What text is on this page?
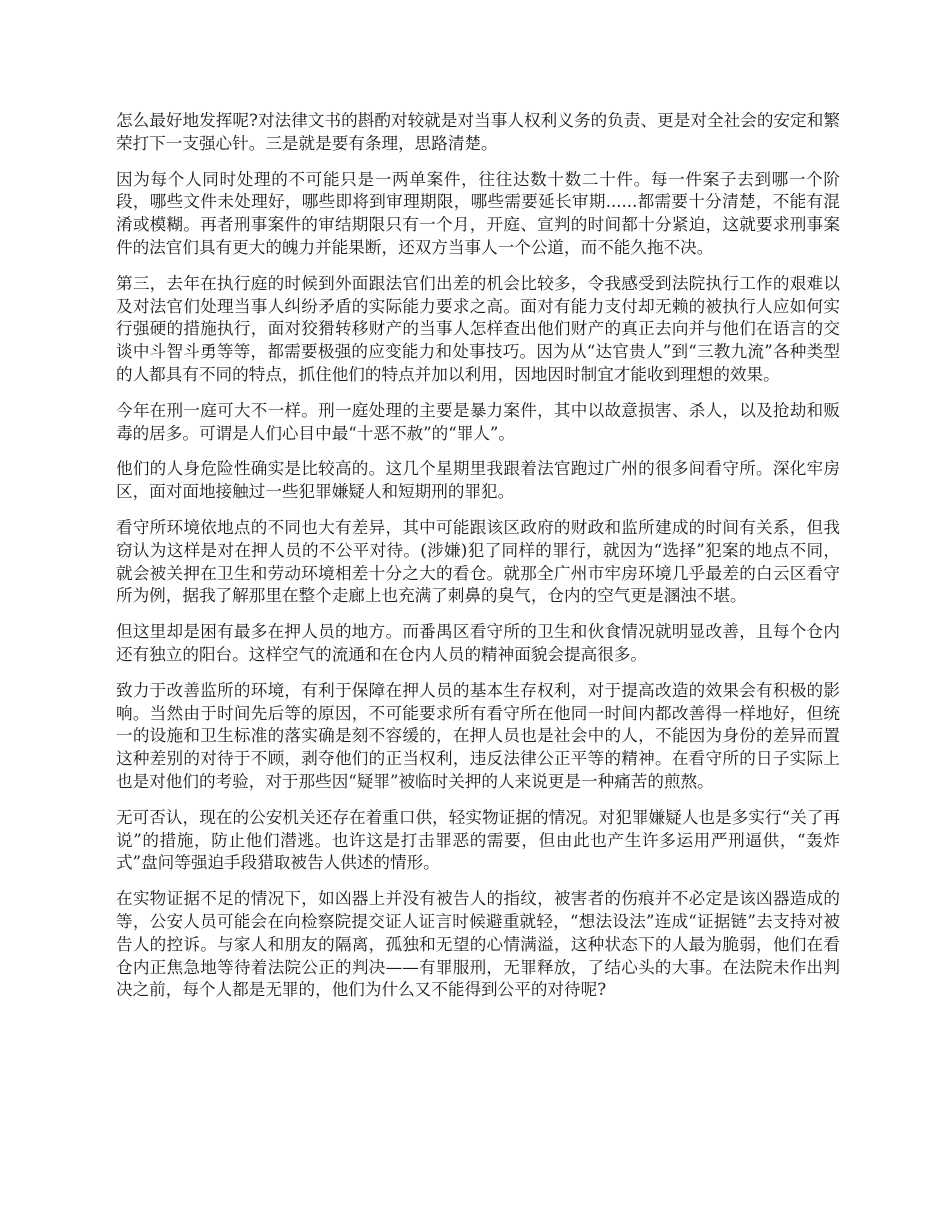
怎么最好地发挥呢?对法律文书的斟酌对较就是对当事人权利义务的负责、更是对全社会的安定和繁荣打下一支强心针。三是就是要有条理，思路清楚。

因为每个人同时处理的不可能只是一两单案件，往往达数十数二十件。每一件案子去到哪一个阶段，哪些文件未处理好，哪些即将到审理期限，哪些需要延长审期......都需要十分清楚，不能有混淆或模糊。再者刑事案件的审结期限只有一个月，开庭、宣判的时间都十分紧迫，这就要求刑事案件的法官们具有更大的魄力并能果断，还双方当事人一个公道，而不能久拖不决。

第三，去年在执行庭的时候到外面跟法官们出差的机会比较多，令我感受到法院执行工作的艰难以及对法官们处理当事人纠纷矛盾的实际能力要求之高。面对有能力支付却无赖的被执行人应如何实行强硬的措施执行，面对狡猾转移财产的当事人怎样查出他们财产的真正去向并与他们在语言的交谈中斗智斗勇等等，都需要极强的应变能力和处事技巧。因为从“达官贵人”到“三教九流”各种类型的人都具有不同的特点，抓住他们的特点并加以利用，因地因时制宜才能收到理想的效果。

今年在刑一庭可大不一样。刑一庭处理的主要是暴力案件，其中以故意损害、杀人，以及抢劫和贩毒的居多。可谓是人们心目中最“十恶不赦”的“罪人”。

他们的人身危险性确实是比较高的。这几个星期里我跟着法官跑过广州的很多间看守所。深化牢房区，面对面地接触过一些犯罪嫌疑人和短期刑的罪犯。

看守所环境依地点的不同也大有差异，其中可能跟该区政府的财政和监所建成的时间有关系，但我窃认为这样是对在押人员的不公平对待。(涉嫌)犯了同样的罪行，就因为“选择”犯案的地点不同，就会被关押在卫生和劳动环境相差十分之大的看仓。就那全广州市牢房环境几乎最差的白云区看守所为例，据我了解那里在整个走廊上也充满了刺鼻的臭气，仓内的空气更是溷浊不堪。

但这里却是困有最多在押人员的地方。而番禺区看守所的卫生和伙食情况就明显改善，且每个仓内还有独立的阳台。这样空气的流通和在仓内人员的精神面貌会提高很多。

致力于改善监所的环境，有利于保障在押人员的基本生存权利，对于提高改造的效果会有积极的影响。当然由于时间先后等的原因，不可能要求所有看守所在他同一时间内都改善得一样地好，但统一的设施和卫生标准的落实确是刻不容缓的，在押人员也是社会中的人，不能因为身份的差异而置这种差别的对待于不顾，剥夺他们的正当权利，违反法律公正平等的精神。在看守所的日子实际上也是对他们的考验，对于那些因“疑罪”被临时关押的人来说更是一种痛苦的煎熬。

无可否认，现在的公安机关还存在着重口供，轻实物证据的情况。对犯罪嫌疑人也是多实行“关了再说”的措施，防止他们潜逃。也许这是打击罪恶的需要，但由此也产生许多运用严刑逼供，“轰炸式”盘问等强迫手段猎取被告人供述的情形。

在实物证据不足的情况下，如凶器上并没有被告人的指纹，被害者的伤痕并不必定是该凶器造成的等，公安人员可能会在向检察院提交证人证言时候避重就轻，“想法设法”连成“证据链”去支持对被告人的控诉。与家人和朋友的隔离，孤独和无望的心情满溢，这种状态下的人最为脆弱，他们在看仓内正焦急地等待着法院公正的判决——有罪服刑，无罪释放，了结心头的大事。在法院未作出判决之前，每个人都是无罪的，他们为什么又不能得到公平的对待呢?
